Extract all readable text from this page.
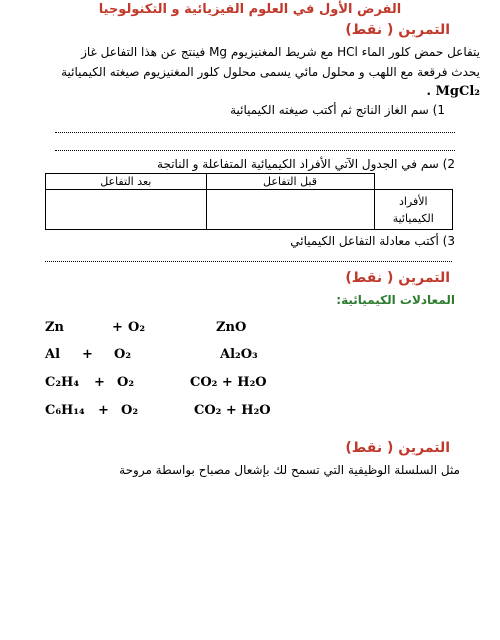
الفرض الأول في العلوم الفيزيائية و التكنولوجيا
التمرين ( نقط)
يتفاعل حمض كلور الماء HCl مع شريط المغنيزيوم Mg فينتج عن هذا التفاعل غاز
يحدث فرقعة مع اللهب و محلول مائي يسمى محلول كلور المغنيزيوم صيغته الكيميائية
MgCl₂ .
1) سم الغاز الناتج ثم أكتب صيغته الكيميائية
2) سم في الجدول الآتي الأفراد الكيميائية المتفاعلة و الناتجة
	قبل التفاعل	بعد التفاعل
الأفراد
الكيميائية		
3) أكتب معادلة التفاعل الكيميائي
التمرين ( نقط)
المعادلات الكيميائية:
Zn	+ O₂	ZnO
Al + O₂	Al₂O₃
C₂H₄ + O₂	CO₂ + H₂O
C₆H₁₄ + O₂	CO₂ + H₂O
التمرين ( نقط)
مثل السلسلة الوظيفية التي تسمح لك بإشعال مصباح بواسطة مروحة
